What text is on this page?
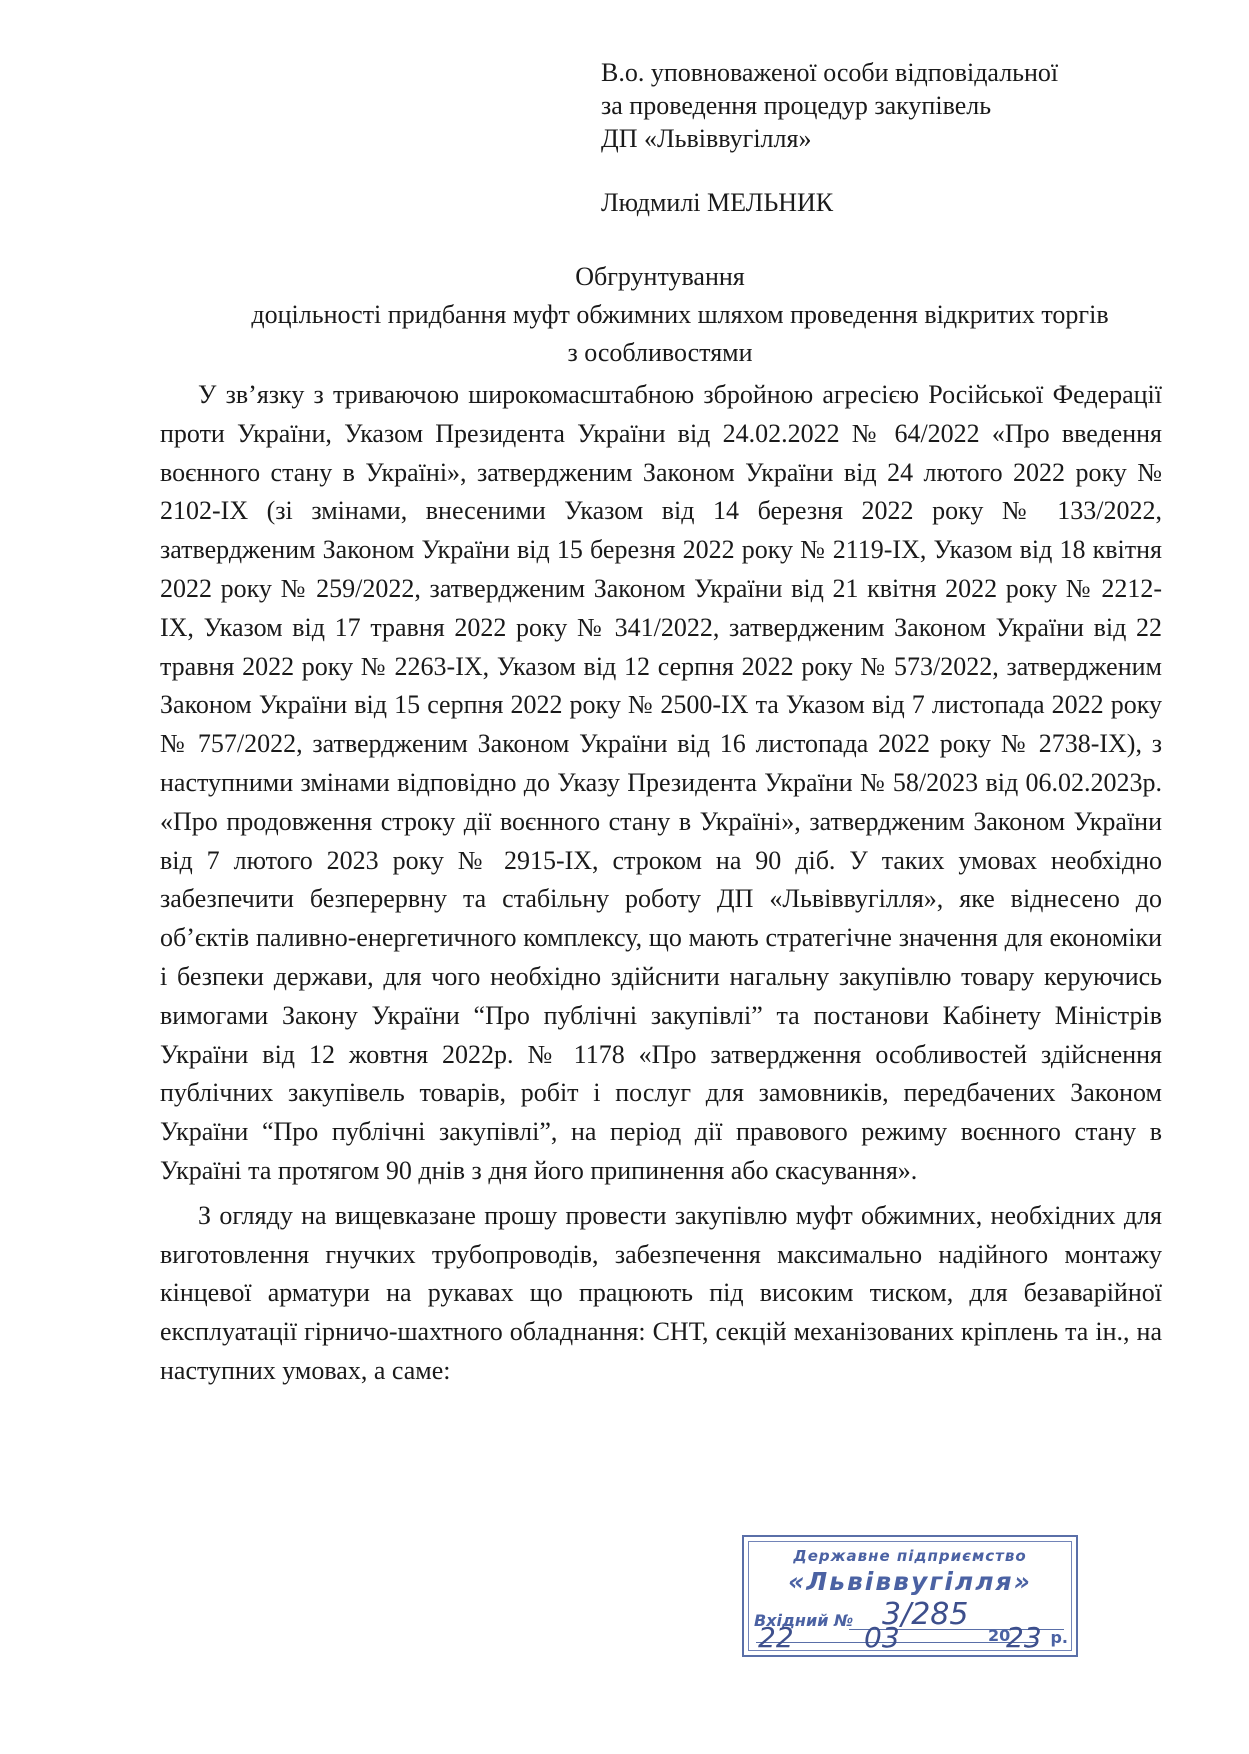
В.о. уповноваженої особи відповідальної
за проведення процедур закупівель
ДП «Львіввугілля»
Людмилі МЕЛЬНИК
Обгрунтування
доцільності придбання муфт обжимних шляхом проведення відкритих торгів
з особливостями

У зв’язку з триваючою широкомасштабною збройною агресією Російської Федерації проти України, Указом Президента України від 24.02.2022 № 64/2022 «Про введення воєнного стану в Україні», затвердженим Законом України від 24 лютого 2022 року № 2102-IX (зі змінами, внесеними Указом від 14 березня 2022 року № 133/2022, затвердженим Законом України від 15 березня 2022 року № 2119-IX, Указом від 18 квітня 2022 року № 259/2022, затвердженим Законом України від 21 квітня 2022 року № 2212-IX, Указом від 17 травня 2022 року № 341/2022, затвердженим Законом України від 22 травня 2022 року № 2263-IX, Указом від 12 серпня 2022 року № 573/2022, затвердженим Законом України від 15 серпня 2022 року № 2500-IX та Указом від 7 листопада 2022 року № 757/2022, затвердженим Законом України від 16 листопада 2022 року № 2738-IX), з наступними змінами відповідно до Указу Президента України № 58/2023 від 06.02.2023р. «Про продовження строку дії воєнного стану в Україні», затвердженим Законом України від 7 лютого 2023 року № 2915-IX, строком на 90 діб. У таких умовах необхідно забезпечити безперервну та стабільну роботу ДП «Львіввугілля», яке віднесено до об’єктів паливно-енергетичного комплексу, що мають стратегічне значення для економіки і безпеки держави, для чого необхідно здійснити нагальну закупівлю товару керуючись вимогами Закону України “Про публічні закупівлі” та постанови Кабінету Міністрів України від 12 жовтня 2022р. № 1178 «Про затвердження особливостей здійснення публічних закупівель товарів, робіт і послуг для замовників, передбачених Законом України “Про публічні закупівлі”, на період дії правового режиму воєнного стану в Україні та протягом 90 днів з дня його припинення або скасування».

З огляду на вищевказане прошу провести закупівлю муфт обжимних, необхідних для виготовлення гнучких трубопроводів, забезпечення максимально надійного монтажу кінцевої арматури на рукавах що працюють під високим тиском, для безаварійної експлуатації гірничо-шахтного обладнання: СНТ, секцій механізованих кріплень та ін., на наступних умовах, а саме:

Державне підприємство
«Львіввугілля»
Вхідний № 3/285
22	03	20
23 р.
